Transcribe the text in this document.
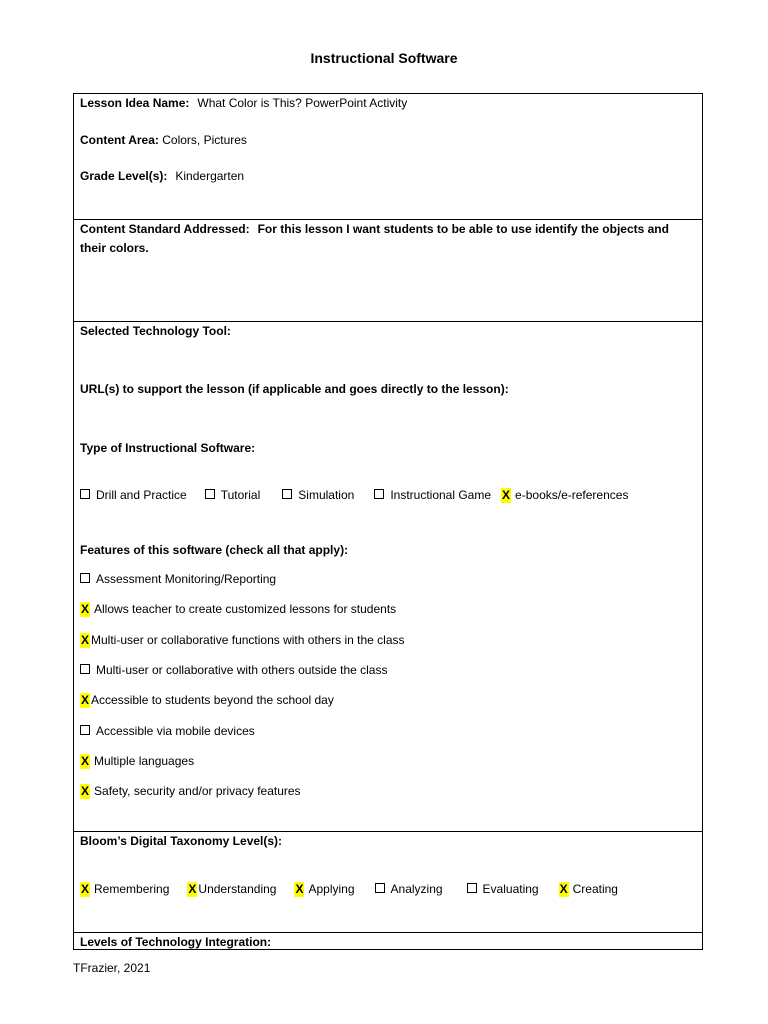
Instructional Software
Lesson Idea Name: What Color is This? PowerPoint Activity
Content Area: Colors, Pictures
Grade Level(s): Kindergarten
Content Standard Addressed: For this lesson I want students to be able to use identify the objects and their colors.
Selected Technology Tool:
URL(s) to support the lesson (if applicable and goes directly to the lesson):
Type of Instructional Software:
Drill and Practice	Tutorial	Simulation	Instructional Game X e-books/e-references
Features of this software (check all that apply):
Assessment Monitoring/Reporting
X Allows teacher to create customized lessons for students
X Multi-user or collaborative functions with others in the class
Multi-user or collaborative with others outside the class
X Accessible to students beyond the school day
Accessible via mobile devices
X Multiple languages
X Safety, security and/or privacy features
Bloom’s Digital Taxonomy Level(s):
X Remembering X Understanding X Applying	Analyzing	Evaluating X Creating
Levels of Technology Integration:
TFrazier, 2021
